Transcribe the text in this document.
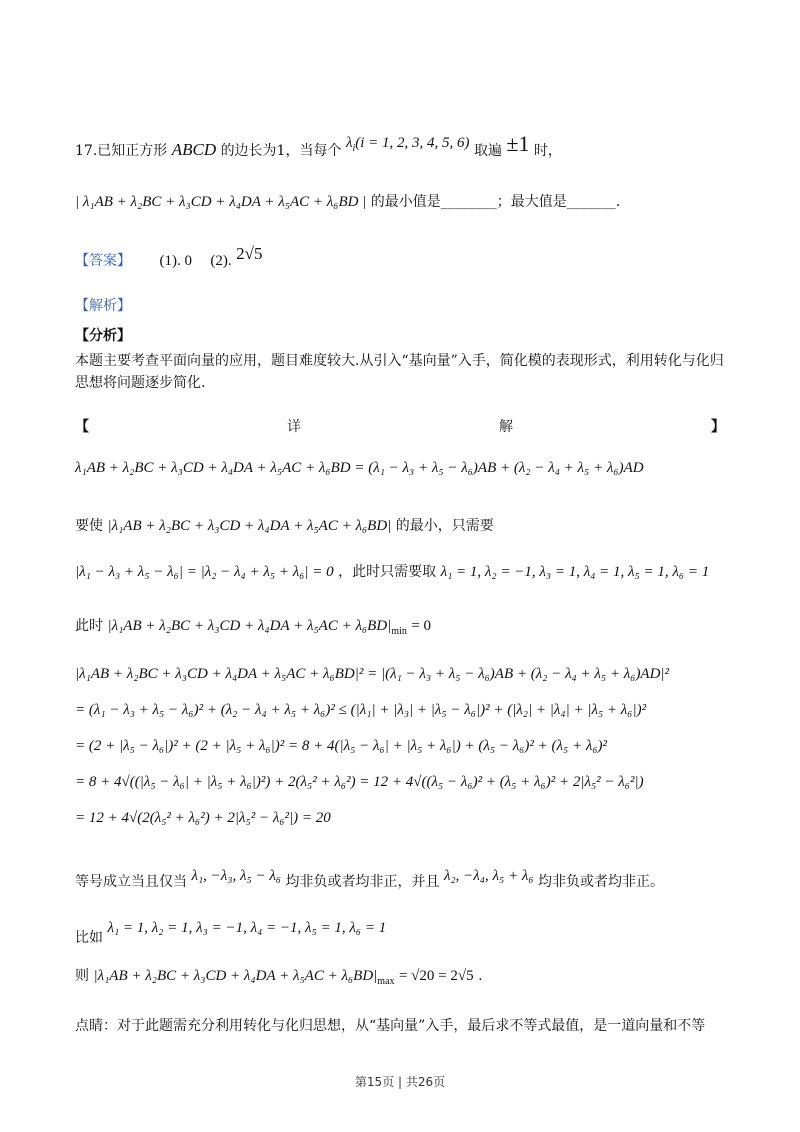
17.已知正方形 ABCD 的边长为1，当每个 $\lambda_i(i = 1$, 2, 3, 4, 5, 6) 取遍 ±1 时，
| λ₁AB + λ₂BC + λ₃CD + λ₄DA + λ₅AC + λ₆BD | 的最小值是________；最大值是_______.
【答案】 (1). 0 (2). 2√5
【解析】
【分析】
本题主要考查平面向量的应用，题目难度较大.从引入“基向量”入手，简化模的表现形式，利用转化与化归思想将问题逐步简化.
【	详	解	】
λ₁AB + λ₂BC + λ₃CD + λ₄DA + λ₅AC + λ₆BD = (λ₁ − λ₃ + λ₅ − λ₆)AB + (λ₂ − λ₄ + λ₅ + λ₆)AD
要使 |λ₁AB + λ₂BC + λ₃CD + λ₄DA + λ₅AC + λ₆BD| 的最小，只需要
|λ₁ − λ₃ + λ₅ − λ₆| = |λ₂ − λ₄ + λ₅ + λ₆| = 0 ，此时只需要取 λ₁ = 1, λ₂ = −1, λ₃ = 1, λ₄ = 1, λ₅ = 1, λ₆ = 1
此时 $|\lambda_1AB + \lambda_2BC + \lambda_3CD + \lambda_4DA + \lambda_5AC + \lambda_6BD|_{min} = 0$
|λ₁AB + λ₂BC + λ₃CD + λ₄DA + λ₅AC + λ₆BD|² = |(λ₁ − λ₃ + λ₅ − λ₆)AB + (λ₂ − λ₄ + λ₅ + λ₆)AD|²
= (λ₁ − λ₃ + λ₅ − λ₆)² + (λ₂ − λ₄ + λ₅ + λ₆)² ≤ (|λ₁| + |λ₃| + |λ₅ − λ₆|)² + (|λ₂| + |λ₄| + |λ₅ + λ₆|)²
= (2 + |λ₅ − λ₆|)² + (2 + |λ₅ + λ₆|)² = 8 + 4(|λ₅ − λ₆| + |λ₅ + λ₆|) + (λ₅ − λ₆)² + (λ₅ + λ₆)²
= 8 + 4√((|λ₅ − λ₆| + |λ₅ + λ₆|)²) + 2(λ₅² + λ₆²) = 12 + 4√((λ₅ − λ₆)² + (λ₅ + λ₆)² + 2|λ₅² − λ₆²|)
= 12 + 4√(2(λ₅² + λ₆²) + 2|λ₅² − λ₆²|) = 20
等号成立当且仅当 λ₁, −λ₃, λ₅ − λ₆ 均非负或者均非正，并且 λ₂, −λ₄, λ₅ + λ₆ 均非负或者均非正。
比如 λ₁ = 1, λ₂ = 1, λ₃ = −1, λ₄ = −1, λ₅ = 1, λ₆ = 1
则 $|\lambda_1AB + \lambda_2BC + \lambda_3CD + \lambda_4DA + \lambda_5AC + \lambda_6BD|_{max} = √20 = 2√5$ .
点睛：对于此题需充分利用转化与化归思想，从“基向量”入手，最后求不等式最值，是一道向量和不等
第15页 | 共26页
